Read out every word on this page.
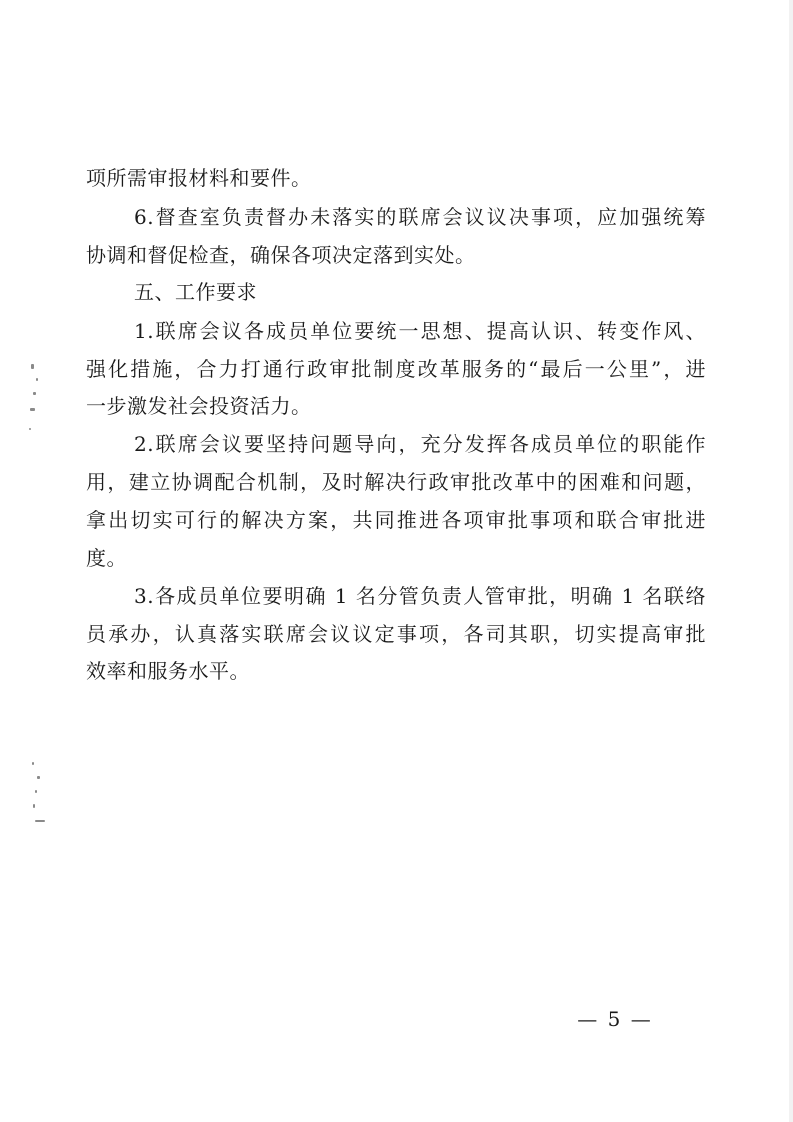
项所需审报材料和要件。
6.督查室负责督办未落实的联席会议议决事项，应加强统筹
协调和督促检查，确保各项决定落到实处。
五、工作要求
1.联席会议各成员单位要统一思想、提高认识、转变作风、
强化措施，合力打通行政审批制度改革服务的“最后一公里”，进
一步激发社会投资活力。
2.联席会议要坚持问题导向，充分发挥各成员单位的职能作
用，建立协调配合机制，及时解决行政审批改革中的困难和问题，
拿出切实可行的解决方案，共同推进各项审批事项和联合审批进
度。
3.各成员单位要明确 1 名分管负责人管审批，明确 1 名联络
员承办，认真落实联席会议议定事项，各司其职，切实提高审批
效率和服务水平。
— 5 —
